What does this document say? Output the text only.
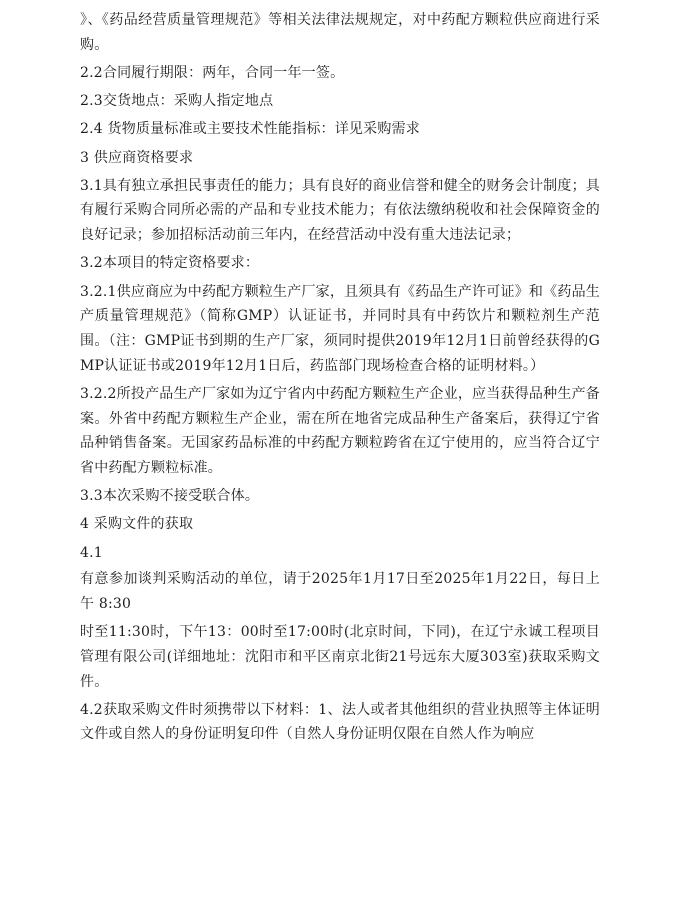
》、《药品经营质量管理规范》等相关法律法规规定，对中药配方颗粒供应商进行采购。

2.2合同履行期限：两年，合同一年一签。

2.3交货地点：采购人指定地点

2.4 货物质量标准或主要技术性能指标：详见采购需求

3 供应商资格要求

3.1具有独立承担民事责任的能力；具有良好的商业信誉和健全的财务会计制度；具有履行采购合同所必需的产品和专业技术能力；有依法缴纳税收和社会保障资金的良好记录；参加招标活动前三年内，在经营活动中没有重大违法记录；

3.2本项目的特定资格要求：

3.2.1供应商应为中药配方颗粒生产厂家，且须具有《药品生产许可证》和《药品生产质量管理规范》（简称GMP）认证证书，并同时具有中药饮片和颗粒剂生产范围。（注：GMP证书到期的生产厂家，须同时提供2019年12月1日前曾经获得的GMP认证证书或2019年12月1日后，药监部门现场检查合格的证明材料。）

3.2.2所投产品生产厂家如为辽宁省内中药配方颗粒生产企业，应当获得品种生产备案。外省中药配方颗粒生产企业，需在所在地省完成品种生产备案后，获得辽宁省品种销售备案。无国家药品标准的中药配方颗粒跨省在辽宁使用的，应当符合辽宁省中药配方颗粒标准。

3.3本次采购不接受联合体。

4 采购文件的获取

4.1

有意参加谈判采购活动的单位，请于2025年1月17日至2025年1月22日，每日上午 8:30

时至11:30时，下午13：00时至17:00时(北京时间，下同)，在辽宁永诚工程项目管理有限公司(详细地址：沈阳市和平区南京北街21号远东大厦303室)获取采购文件。

4.2获取采购文件时须携带以下材料：1、法人或者其他组织的营业执照等主体证明文件或自然人的身份证明复印件（自然人身份证明仅限在自然人作为响应
